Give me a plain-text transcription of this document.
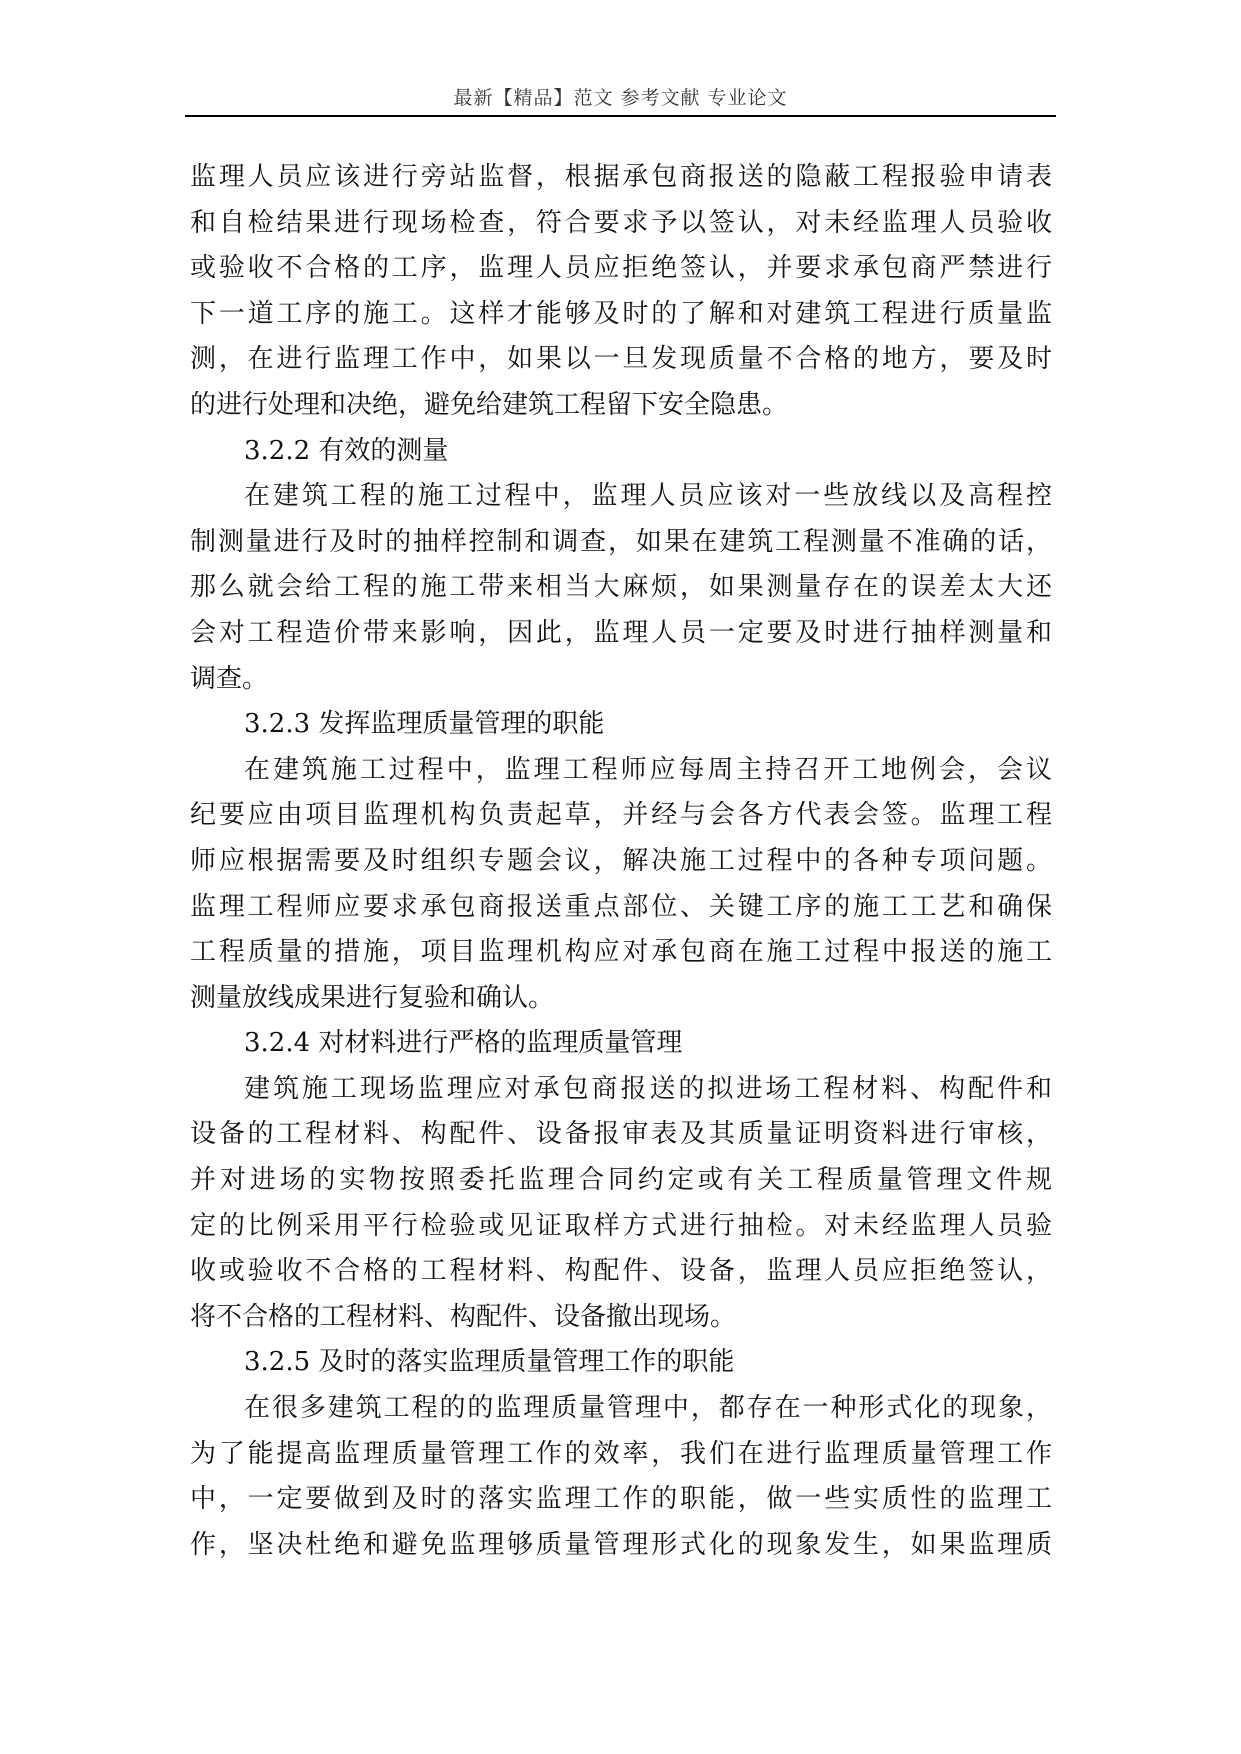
最新【精品】范文 参考文献 专业论文
监理人员应该进行旁站监督，根据承包商报送的隐蔽工程报验申请表
和自检结果进行现场检查，符合要求予以签认，对未经监理人员验收
或验收不合格的工序，监理人员应拒绝签认，并要求承包商严禁进行
下一道工序的施工。这样才能够及时的了解和对建筑工程进行质量监
测，在进行监理工作中，如果以一旦发现质量不合格的地方，要及时
的进行处理和决绝，避免给建筑工程留下安全隐患。
3.2.2 有效的测量
在建筑工程的施工过程中，监理人员应该对一些放线以及高程控
制测量进行及时的抽样控制和调查，如果在建筑工程测量不准确的话，
那么就会给工程的施工带来相当大麻烦，如果测量存在的误差太大还
会对工程造价带来影响，因此，监理人员一定要及时进行抽样测量和
调查。
3.2.3 发挥监理质量管理的职能
在建筑施工过程中，监理工程师应每周主持召开工地例会，会议
纪要应由项目监理机构负责起草，并经与会各方代表会签。监理工程
师应根据需要及时组织专题会议，解决施工过程中的各种专项问题。
监理工程师应要求承包商报送重点部位、关键工序的施工工艺和确保
工程质量的措施，项目监理机构应对承包商在施工过程中报送的施工
测量放线成果进行复验和确认。
3.2.4 对材料进行严格的监理质量管理
建筑施工现场监理应对承包商报送的拟进场工程材料、构配件和
设备的工程材料、构配件、设备报审表及其质量证明资料进行审核，
并对进场的实物按照委托监理合同约定或有关工程质量管理文件规
定的比例采用平行检验或见证取样方式进行抽检。对未经监理人员验
收或验收不合格的工程材料、构配件、设备，监理人员应拒绝签认，
将不合格的工程材料、构配件、设备撤出现场。
3.2.5 及时的落实监理质量管理工作的职能
在很多建筑工程的的监理质量管理中，都存在一种形式化的现象，
为了能提高监理质量管理工作的效率，我们在进行监理质量管理工作
中，一定要做到及时的落实监理工作的职能，做一些实质性的监理工
作，坚决杜绝和避免监理够质量管理形式化的现象发生，如果监理质
